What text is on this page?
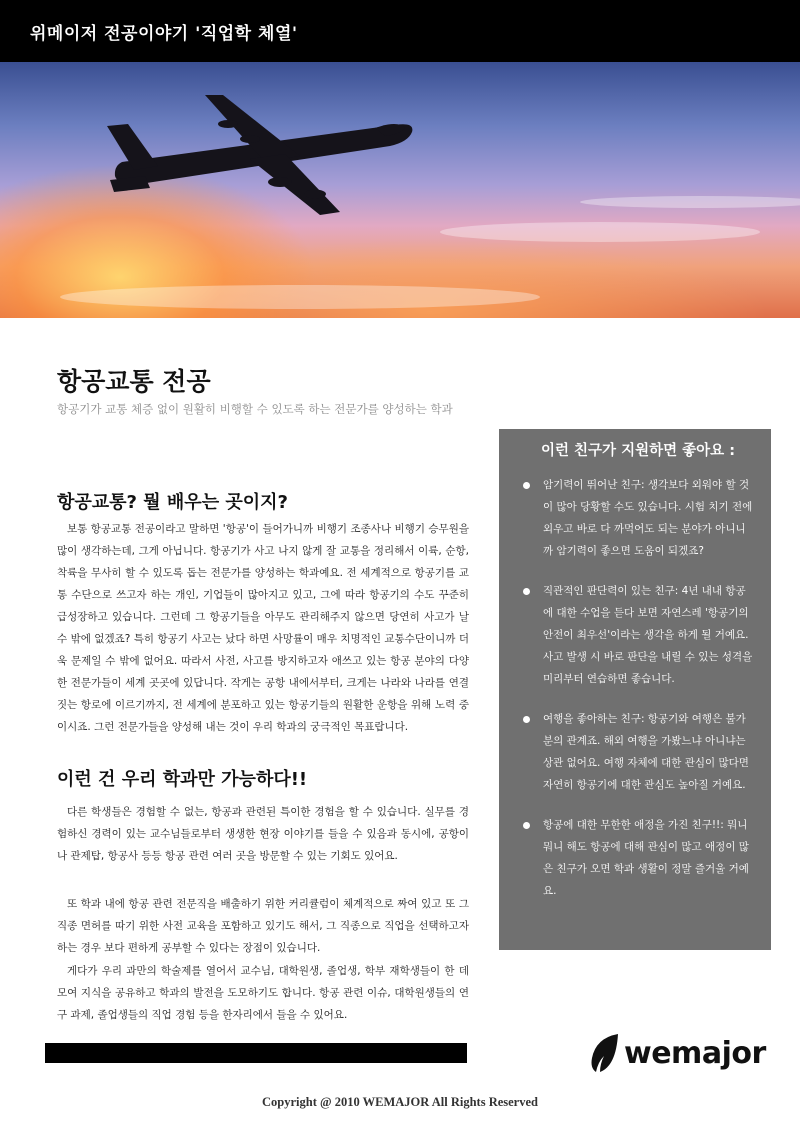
위메이저 전공이야기 '직업학 체열'
항공교통 전공

항공기가 교통 체증 없이 원활히 비행할 수 있도록 하는 전문가를 양성하는 학과

항공교통? 뭘 배우는 곳이지?

보통 항공교통 전공이라고 말하면 '항공'이 들어가니까 비행기 조종사나 비행기 승무원을 많이 생각하는데, 그게 아닙니다. 항공기가 사고 나지 않게 잘 교통을 정리해서 이륙, 순항, 착륙을 무사히 할 수 있도록 돕는 전문가를 양성하는 학과예요. 전 세계적으로 항공기를 교통 수단으로 쓰고자 하는 개인, 기업들이 많아지고 있고, 그에 따라 항공기의 수도 꾸준히 급성장하고 있습니다. 그런데 그 항공기들을 아무도 관리해주지 않으면 당연히 사고가 날 수 밖에 없겠죠? 특히 항공기 사고는 났다 하면 사망률이 매우 치명적인 교통수단이니까 더욱 문제일 수 밖에 없어요. 따라서 사전, 사고를 방지하고자 애쓰고 있는 항공 분야의 다양한 전문가들이 세계 곳곳에 있답니다. 작게는 공항 내에서부터, 크게는 나라와 나라를 연결 짓는 항로에 이르기까지, 전 세계에 분포하고 있는 항공기들의 원활한 운항을 위해 노력 중이시죠. 그런 전문가들을 양성해 내는 것이 우리 학과의 궁극적인 목표랍니다.

이런 건 우리 학과만 가능하다!!

다른 학생들은 경험할 수 없는, 항공과 관련된 특이한 경험을 할 수 있습니다. 실무를 경험하신 경력이 있는 교수님들로부터 생생한 현장 이야기를 들을 수 있음과 동시에, 공항이나 관제탑, 항공사 등등 항공 관련 여러 곳을 방문할 수 있는 기회도 있어요.

또 학과 내에 항공 관련 전문직을 배출하기 위한 커리큘럼이 체계적으로 짜여 있고 또 그 직종 면허를 따기 위한 사전 교육을 포함하고 있기도 해서, 그 직종으로 직업을 선택하고자 하는 경우 보다 편하게 공부할 수 있다는 장점이 있습니다.

게다가 우리 과만의 학술제를 열어서 교수님, 대학원생, 졸업생, 학부 재학생들이 한 데 모여 지식을 공유하고 학과의 발전을 도모하기도 합니다. 항공 관련 이슈, 대학원생들의 연구 과제, 졸업생들의 직업 경험 등을 한자리에서 들을 수 있어요.

이런 친구가 지원하면 좋아요 :
암기력이 뛰어난 친구: 생각보다 외워야 할 것이 많아 당황할 수도 있습니다. 시험 치기 전에 외우고 바로 다 까먹어도 되는 분야가 아니니까 암기력이 좋으면 도움이 되겠죠?
직관적인 판단력이 있는 친구: 4년 내내 항공에 대한 수업을 듣다 보면 자연스레 '항공기의 안전이 최우선'이라는 생각을 하게 될 거예요. 사고 발생 시 바로 판단을 내릴 수 있는 성격을 미리부터 연습하면 좋습니다.
여행을 좋아하는 친구: 항공기와 여행은 불가분의 관계죠. 해외 여행을 가봤느냐 아니냐는 상관 없어요. 여행 자체에 대한 관심이 많다면 자연히 항공기에 대한 관심도 높아질 거예요.
항공에 대한 무한한 애정을 가진 친구!!: 뭐니 뭐니 해도 항공에 대해 관심이 많고 애정이 많은 친구가 오면 학과 생활이 정말 즐거울 거예요.
wemajor
Copyright @ 2010 WEMAJOR All Rights Reserved
